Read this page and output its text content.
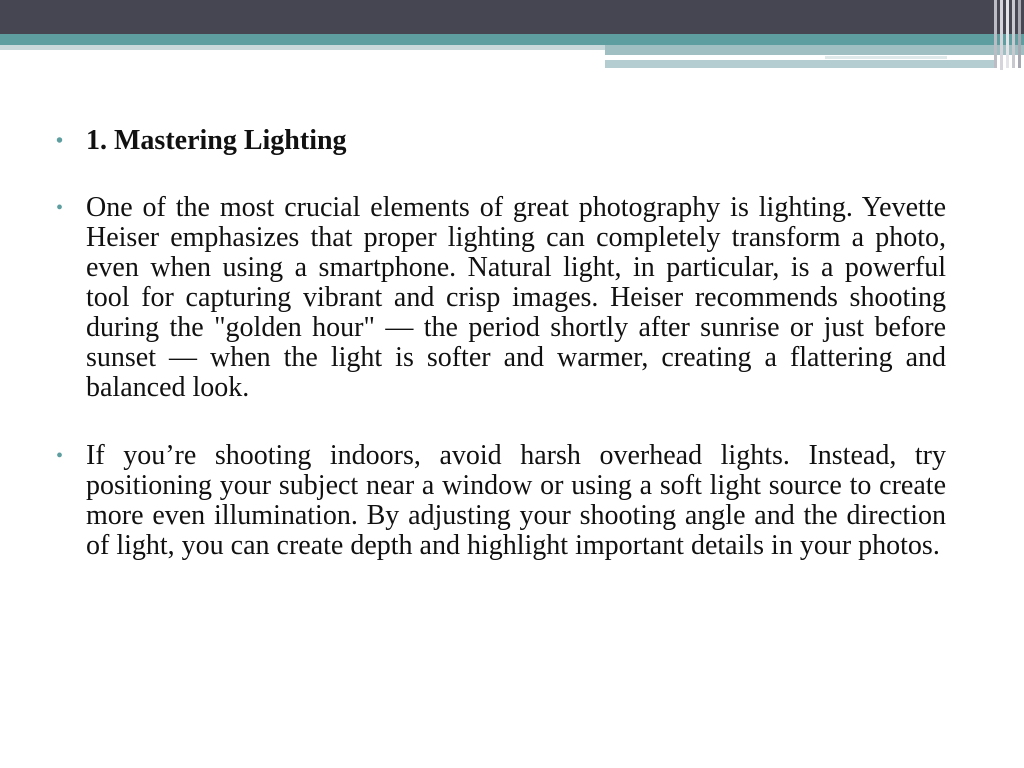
• 1. Mastering Lighting
• One of the most crucial elements of great photography is lighting. Yevette Heiser emphasizes that proper lighting can completely transform a photo, even when using a smartphone. Natural light, in particular, is a powerful tool for capturing vibrant and crisp images. Heiser recommends shooting during the "golden hour" — the period shortly after sunrise or just before sunset — when the light is softer and warmer, creating a flattering and balanced look.
• If you’re shooting indoors, avoid harsh overhead lights. Instead, try positioning your subject near a window or using a soft light source to create more even illumination. By adjusting your shooting angle and the direction of light, you can create depth and highlight important details in your photos.
